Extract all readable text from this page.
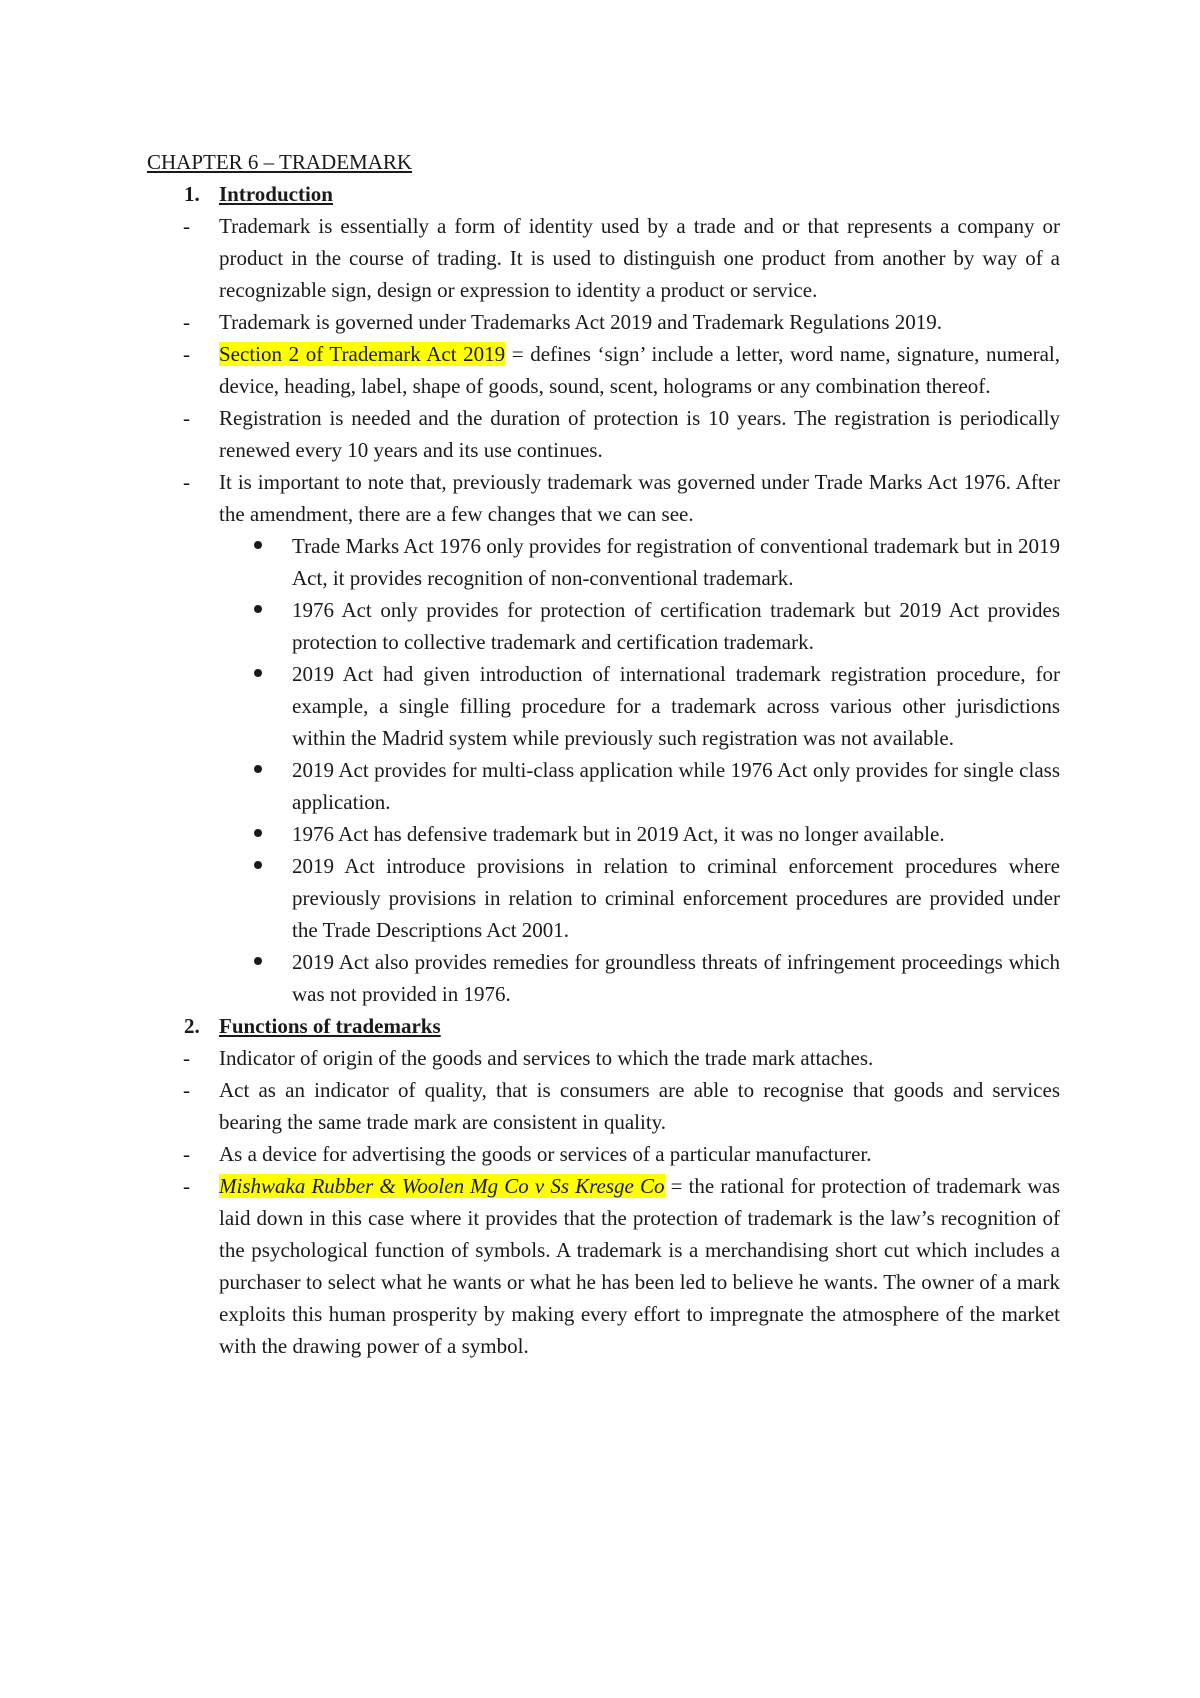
CHAPTER 6 – TRADEMARK
1. Introduction

- Trademark is essentially a form of identity used by a trade and or that represents a company or product in the course of trading. It is used to distinguish one product from another by way of a recognizable sign, design or expression to identity a product or service.

- Trademark is governed under Trademarks Act 2019 and Trademark Regulations 2019.

- Section 2 of Trademark Act 2019 = defines ‘sign’ include a letter, word name, signature, numeral, device, heading, label, shape of goods, sound, scent, holograms or any combination thereof.

- Registration is needed and the duration of protection is 10 years. The registration is periodically renewed every 10 years and its use continues.

- It is important to note that, previously trademark was governed under Trade Marks Act 1976. After the amendment, there are a few changes that we can see.

Trade Marks Act 1976 only provides for registration of conventional trademark but in 2019 Act, it provides recognition of non-conventional trademark.
1976 Act only provides for protection of certification trademark but 2019 Act provides protection to collective trademark and certification trademark.
2019 Act had given introduction of international trademark registration procedure, for example, a single filling procedure for a trademark across various other jurisdictions within the Madrid system while previously such registration was not available.
2019 Act provides for multi-class application while 1976 Act only provides for single class application.
1976 Act has defensive trademark but in 2019 Act, it was no longer available.
2019 Act introduce provisions in relation to criminal enforcement procedures where previously provisions in relation to criminal enforcement procedures are provided under the Trade Descriptions Act 2001.
2019 Act also provides remedies for groundless threats of infringement proceedings which was not provided in 1976.
2. Functions of trademarks

- Indicator of origin of the goods and services to which the trade mark attaches.

- Act as an indicator of quality, that is consumers are able to recognise that goods and services bearing the same trade mark are consistent in quality.

- As a device for advertising the goods or services of a particular manufacturer.

- Mishwaka Rubber & Woolen Mg Co v Ss Kresge Co = the rational for protection of trademark was laid down in this case where it provides that the protection of trademark is the law’s recognition of the psychological function of symbols. A trademark is a merchandising short cut which includes a purchaser to select what he wants or what he has been led to believe he wants. The owner of a mark exploits this human prosperity by making every effort to impregnate the atmosphere of the market with the drawing power of a symbol.
